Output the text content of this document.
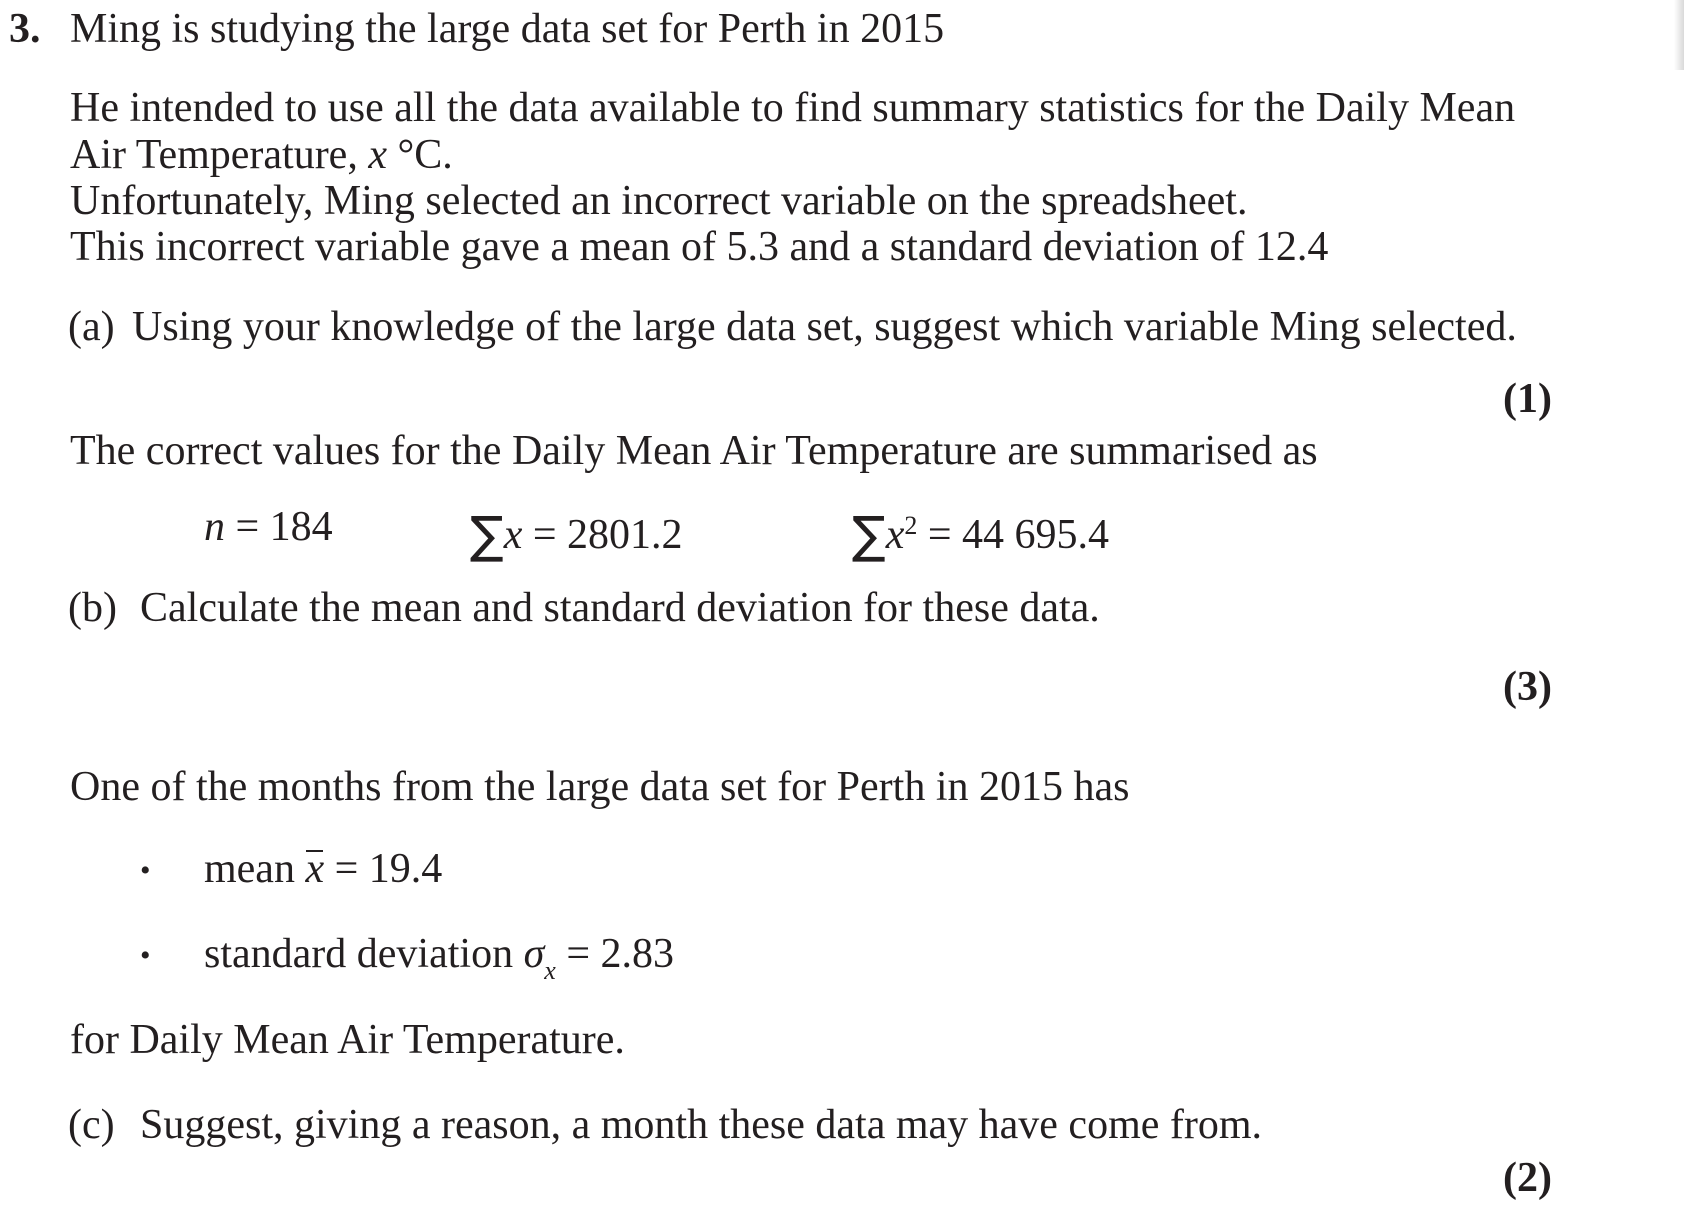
3. Ming is studying the large data set for Perth in 2015
He intended to use all the data available to find summary statistics for the Daily Mean
Air Temperature, x °C.
Unfortunately, Ming selected an incorrect variable on the spreadsheet.
This incorrect variable gave a mean of 5.3 and a standard deviation of 12.4
(a) Using your knowledge of the large data set, suggest which variable Ming selected.
(1)
The correct values for the Daily Mean Air Temperature are summarised as
n = 184	∑x = 2801.2	$\sum x^2 = 44$ 695.4
(b) Calculate the mean and standard deviation for these data.
(3)
One of the months from the large data set for Perth in 2015 has
• mean x = 19.4
• standard deviation $\sigma_x = 2.83$
for Daily Mean Air Temperature.
(c) Suggest, giving a reason, a month these data may have come from.
(2)
